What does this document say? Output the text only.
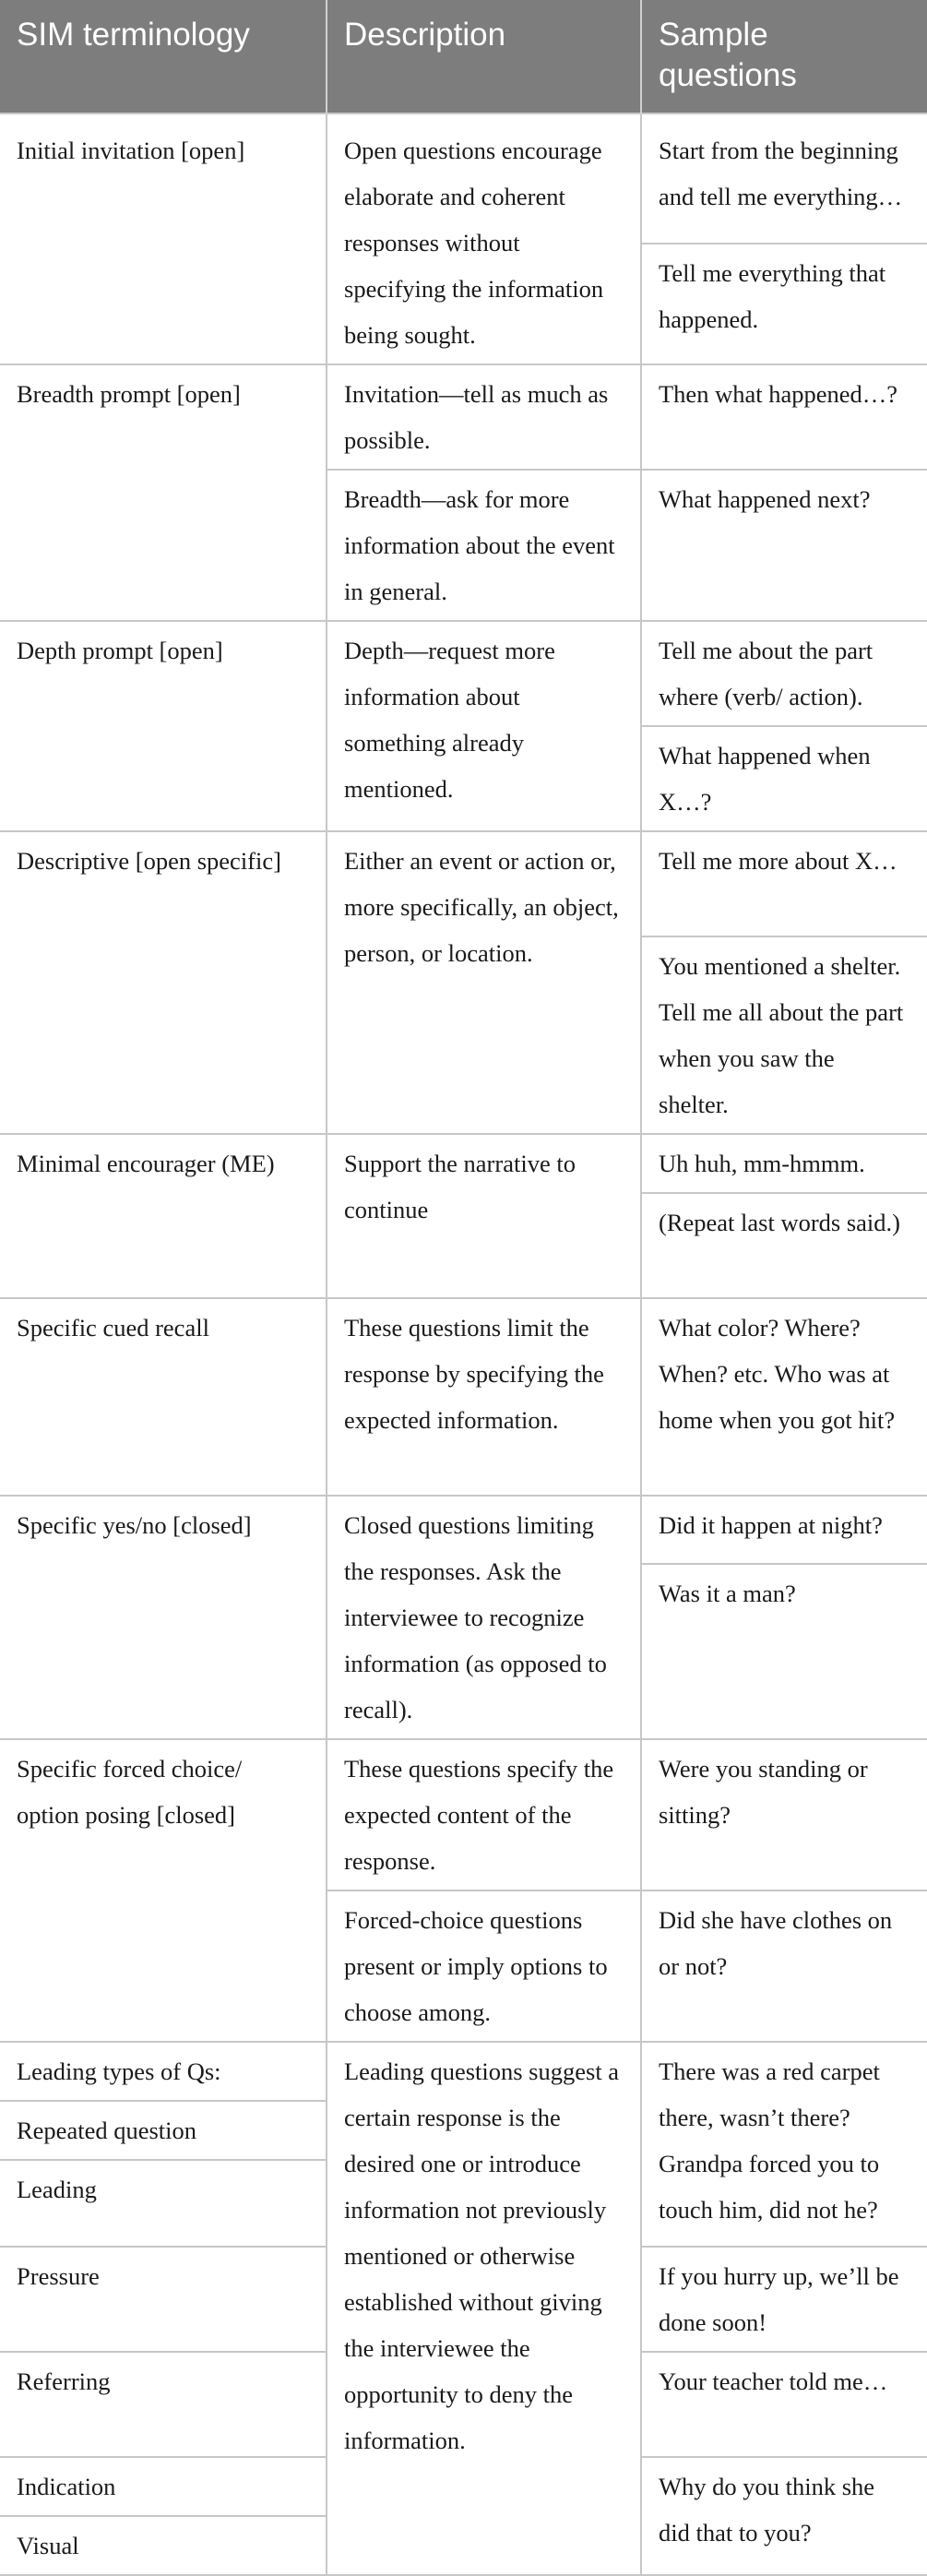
SIM terminology	Description	Sample questions
Initial invitation [open]	Open questions encourage elaborate and coherent responses without specifying the information being sought.	Start from the beginning and tell me everything…
		Tell me everything that happened.
Breadth prompt [open]	Invitation—tell as much as possible.	Then what happened…?
	Breadth—ask for more information about the event in general.	What happened next?
Depth prompt [open]	Depth—request more information about something already mentioned.	Tell me about the part where (verb/ action).
		What happened when X…?
Descriptive [open specific]	Either an event or action or, more specifically, an object, person, or location.	Tell me more about X…
		You mentioned a shelter. Tell me all about the part when you saw the shelter.
Minimal encourager (ME)	Support the narrative to continue	Uh huh, mm-hmmm.
		(Repeat last words said.)
Specific cued recall	These questions limit the response by specifying the expected information.	What color? Where? When? etc. Who was at home when you got hit?
Specific yes/no [closed]	Closed questions limiting the responses. Ask the interviewee to recognize information (as opposed to recall).	Did it happen at night?
		Was it a man?
Specific forced choice/ option posing [closed]	These questions specify the expected content of the response.	Were you standing or sitting?
	Forced-choice questions present or imply options to choose among.	Did she have clothes on or not?
Leading types of Qs:	Leading questions suggest a certain response is the desired one or introduce information not previously mentioned or otherwise established without giving the interviewee the opportunity to deny the information.	There was a red carpet there, wasn’t there? Grandpa forced you to touch him, did not he?
Repeated question		
Leading		
Pressure		If you hurry up, we’ll be done soon!
Referring		Your teacher told me…
Indication		Why do you think she did that to you?
Visual		
